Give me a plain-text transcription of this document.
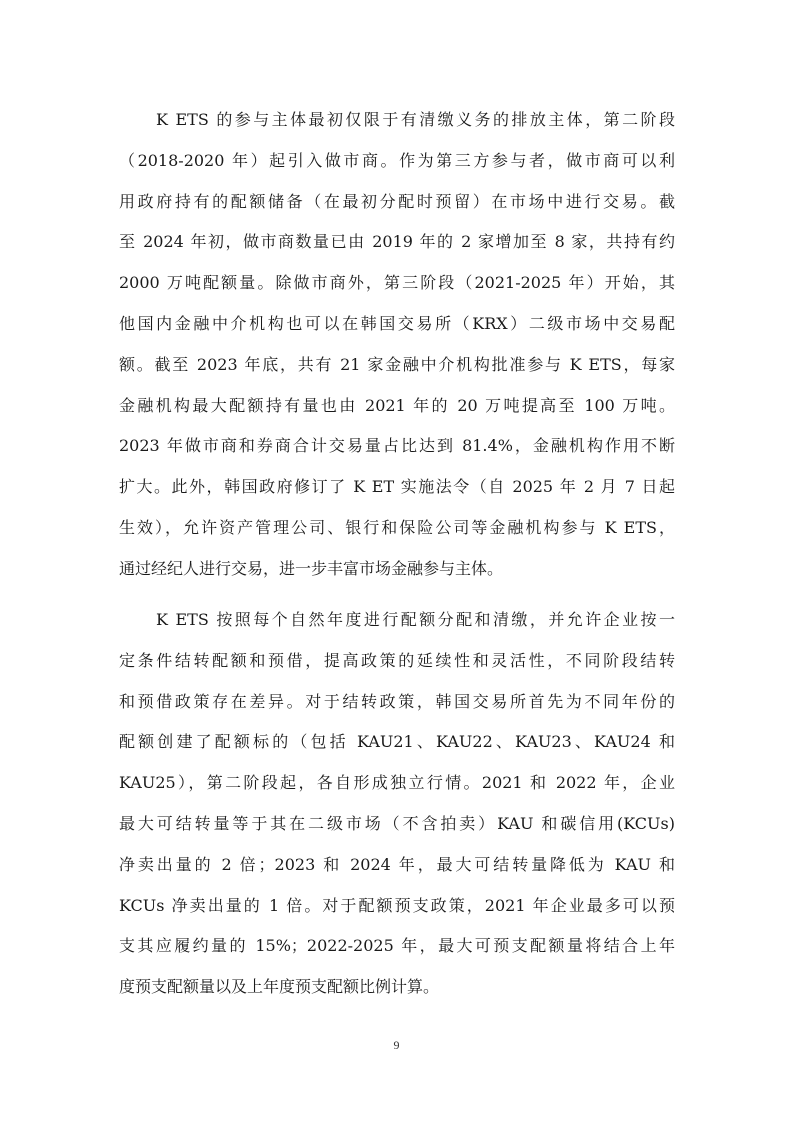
K ETS 的参与主体最初仅限于有清缴义务的排放主体，第二阶段
（2018-2020 年）起引入做市商。作为第三方参与者，做市商可以利
用政府持有的配额储备（在最初分配时预留）在市场中进行交易。截
至 2024 年初，做市商数量已由 2019 年的 2 家增加至 8 家，共持有约
2000 万吨配额量。除做市商外，第三阶段（2021-2025 年）开始，其
他国内金融中介机构也可以在韩国交易所（KRX）二级市场中交易配
额。截至 2023 年底，共有 21 家金融中介机构批准参与 K ETS，每家
金融机构最大配额持有量也由 2021 年的 20 万吨提高至 100 万吨。
2023 年做市商和券商合计交易量占比达到 81.4%，金融机构作用不断
扩大。此外，韩国政府修订了 K ET 实施法令（自 2025 年 2 月 7 日起
生效），允许资产管理公司、银行和保险公司等金融机构参与 K ETS，
通过经纪人进行交易，进一步丰富市场金融参与主体。

K ETS 按照每个自然年度进行配额分配和清缴，并允许企业按一
定条件结转配额和预借，提高政策的延续性和灵活性，不同阶段结转
和预借政策存在差异。对于结转政策，韩国交易所首先为不同年份的
配额创建了配额标的（包括 KAU21、KAU22、KAU23、KAU24 和
KAU25），第二阶段起，各自形成独立行情。2021 和 2022 年，企业
最大可结转量等于其在二级市场（不含拍卖）KAU 和碳信用(KCUs)
净卖出量的 2 倍；2023 和 2024 年，最大可结转量降低为 KAU 和
KCUs 净卖出量的 1 倍。对于配额预支政策，2021 年企业最多可以预
支其应履约量的 15%；2022-2025 年，最大可预支配额量将结合上年
度预支配额量以及上年度预支配额比例计算。

9
